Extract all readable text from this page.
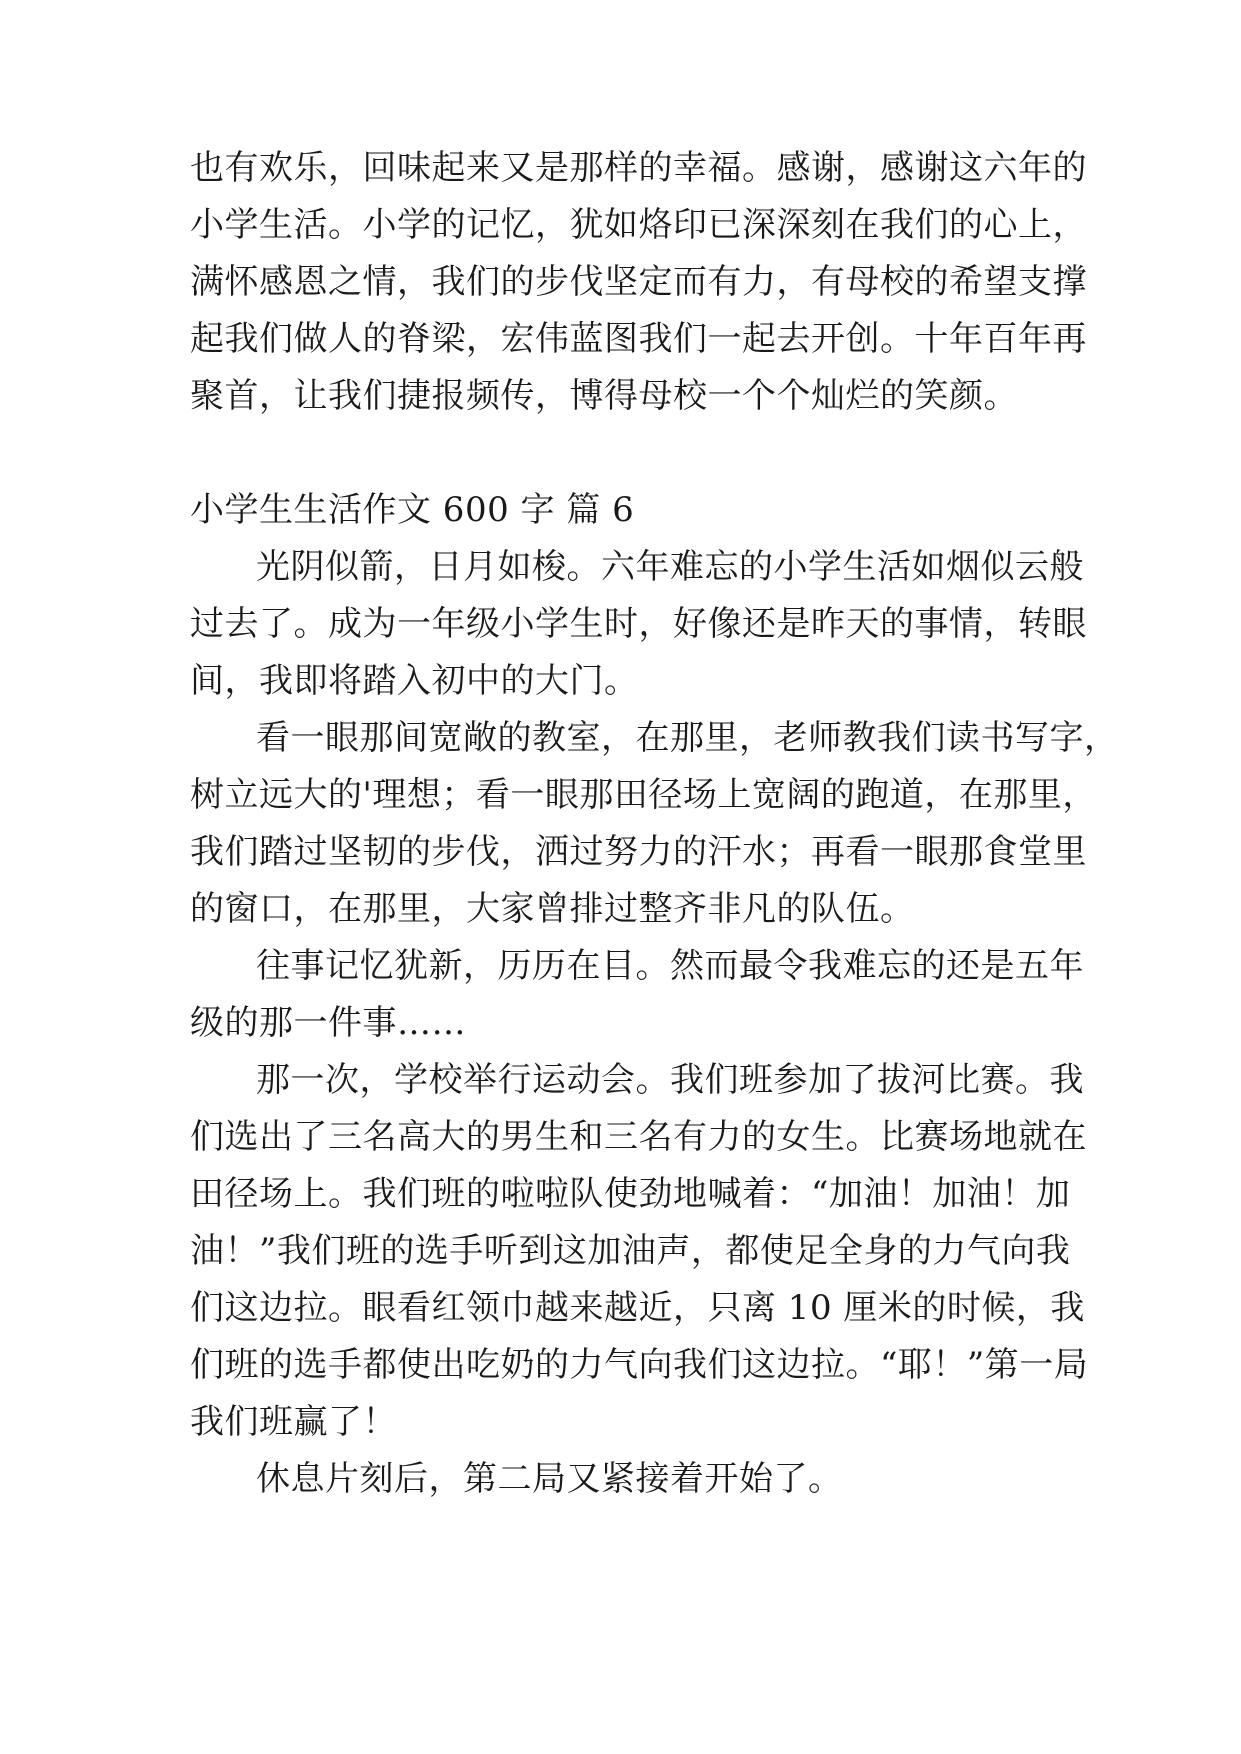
也有欢乐，回味起来又是那样的幸福。感谢，感谢这六年的
小学生活。小学的记忆，犹如烙印已深深刻在我们的心上，
满怀感恩之情，我们的步伐坚定而有力，有母校的希望支撑
起我们做人的脊梁，宏伟蓝图我们一起去开创。十年百年再
聚首，让我们捷报频传，博得母校一个个灿烂的笑颜。
小学生生活作文 600 字 篇 6
光阴似箭，日月如梭。六年难忘的小学生活如烟似云般
过去了。成为一年级小学生时，好像还是昨天的事情，转眼
间，我即将踏入初中的大门。
看一眼那间宽敞的教室，在那里，老师教我们读书写字，
树立远大的'理想；看一眼那田径场上宽阔的跑道，在那里，
我们踏过坚韧的步伐，洒过努力的汗水；再看一眼那食堂里
的窗口，在那里，大家曾排过整齐非凡的队伍。
往事记忆犹新，历历在目。然而最令我难忘的还是五年
级的那一件事……
那一次，学校举行运动会。我们班参加了拔河比赛。我
们选出了三名高大的男生和三名有力的女生。比赛场地就在
田径场上。我们班的啦啦队使劲地喊着：“加油！加油！加
油！”我们班的选手听到这加油声，都使足全身的力气向我
们这边拉。眼看红领巾越来越近，只离 10 厘米的时候，我
们班的选手都使出吃奶的力气向我们这边拉。“耶！”第一局
我们班赢了！
休息片刻后，第二局又紧接着开始了。
